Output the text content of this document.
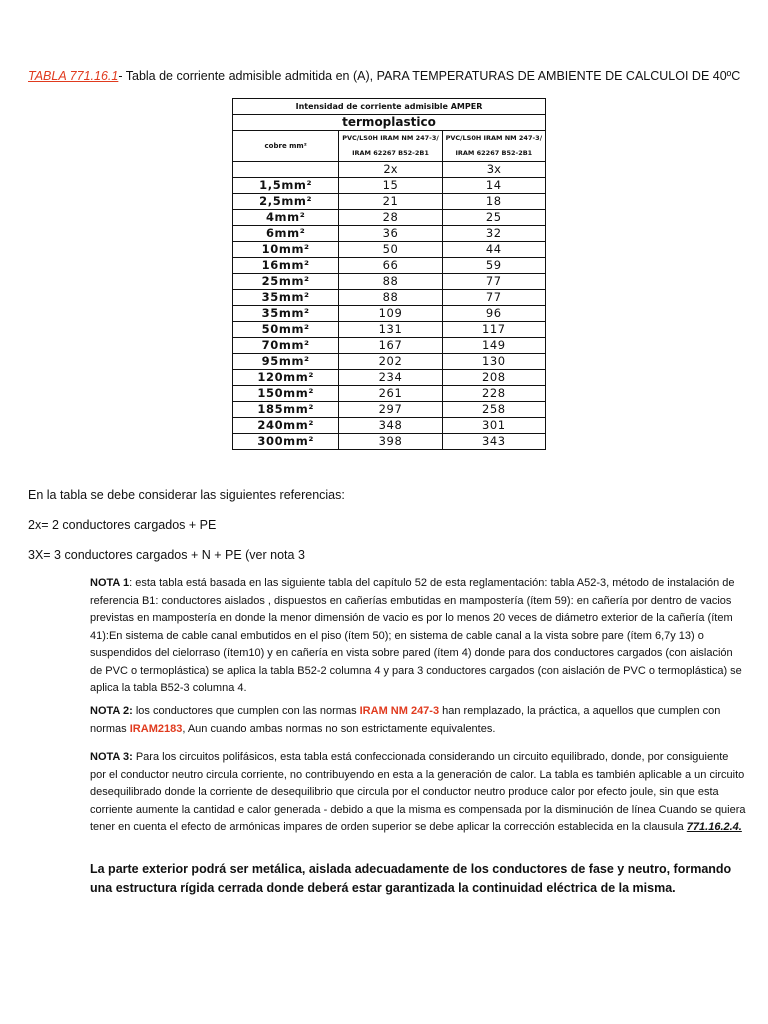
TABLA 771.16.1- Tabla de corriente admisible admitida en (A), PARA TEMPERATURAS DE AMBIENTE DE CALCULOI DE 40ºC
Intensidad de corriente admisible AMPER		
termoplastico		
cobre mm²	PVC/LS0H IRAM NM 247-3/ IRAM 62267 B52-2B1	PVC/LS0H IRAM NM 247-3/ IRAM 62267 B52-2B1
	2x	3x
1,5mm²	15	14
2,5mm²	21	18
4mm²	28	25
6mm²	36	32
10mm²	50	44
16mm²	66	59
25mm²	88	77
35mm²	88	77
35mm²	109	96
50mm²	131	117
70mm²	167	149
95mm²	202	130
120mm²	234	208
150mm²	261	228
185mm²	297	258
240mm²	348	301
300mm²	398	343
En la tabla se debe considerar las siguientes referencias:
2x= 2 conductores cargados + PE
3X= 3 conductores cargados + N + PE (ver nota 3
NOTA 1: esta tabla está basada en las siguiente tabla del capítulo 52 de esta reglamentación: tabla A52-3, método de instalación de referencia B1: conductores aislados , dispuestos en cañerías embutidas en mampostería (ítem 59): en cañería por dentro de vacios previstas en mampostería en donde la menor dimensión de vacio es por lo menos 20 veces de diámetro exterior de la cañería (ítem 41):En sistema de cable canal embutidos en el piso (ítem 50); en sistema de cable canal a la vista sobre pare (ítem 6,7y 13) o suspendidos del cielorraso (ítem10) y en cañería en vista sobre pared (ítem 4) donde para dos conductores cargados (con aislación de PVC o termoplástica) se aplica la tabla B52-2 columna 4 y para 3 conductores cargados (con aislación de PVC o termoplástica) se aplica la tabla B52-3 columna 4.
NOTA 2: los conductores que cumplen con las normas IRAM NM 247-3 han remplazado, la práctica, a aquellos que cumplen con normas IRAM2183, Aun cuando ambas normas no son estrictamente equivalentes.
NOTA 3: Para los circuitos polifásicos, esta tabla está confeccionada considerando un circuito equilibrado, donde, por consiguiente por el conductor neutro circula corriente, no contribuyendo en esta a la generación de calor. La tabla es también aplicable a un circuito desequilibrado donde la corriente de desequilibrio que circula por el conductor neutro produce calor por efecto joule, sin que esta corriente aumente la cantidad e calor generada - debido a que la misma es compensada por la disminución de línea Cuando se quiera tener en cuenta el efecto de armónicas impares de orden superior se debe aplicar la corrección establecida en la clausula 771.16.2.4.
La parte exterior podrá ser metálica, aislada adecuadamente de los conductores de fase y neutro, formando una estructura rígida cerrada donde deberá estar garantizada la continuidad eléctrica de la misma.
